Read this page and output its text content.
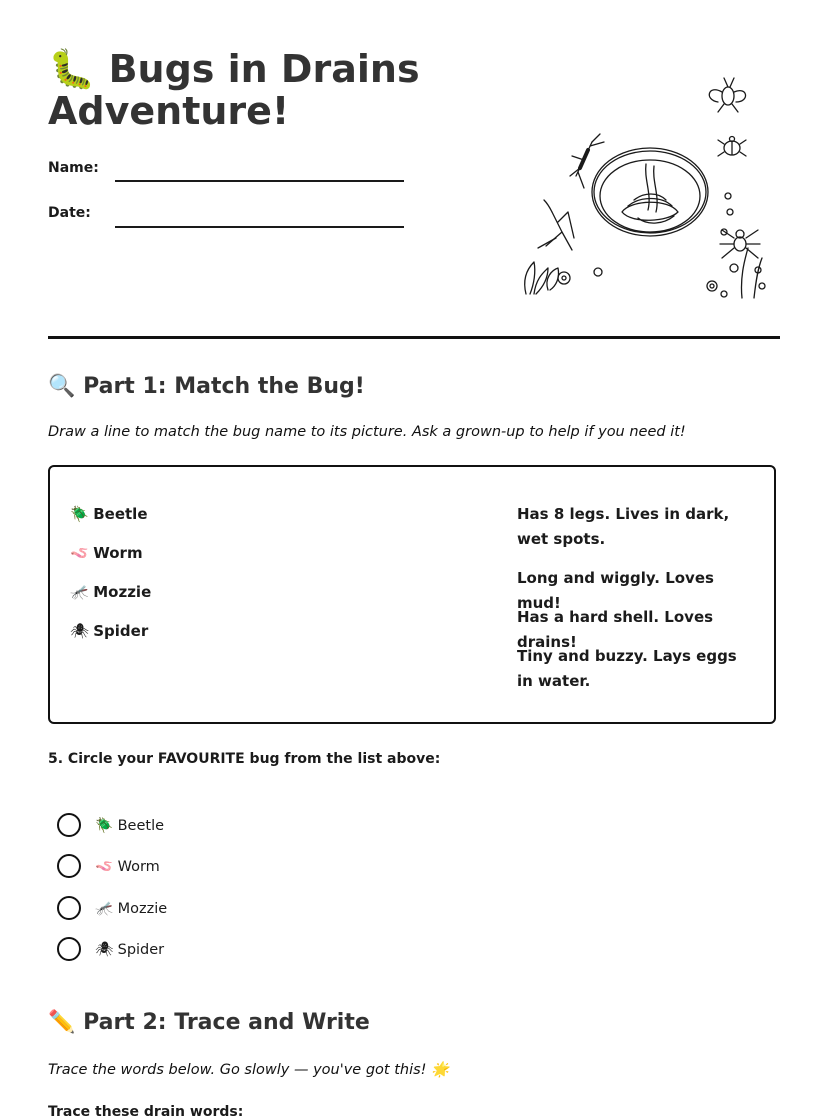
🐛 Bugs in Drains
Adventure!
Name:
Date:
🔍 Part 1: Match the Bug!
Draw a line to match the bug name to its picture. Ask a grown-up to help if you need it!
🪲 Beetle
🪱 Worm
🦟 Mozzie
🕷 Spider
Has 8 legs. Lives in dark, wet spots.
Long and wiggly. Loves mud!
Has a hard shell. Loves drains!
Tiny and buzzy. Lays eggs in water.
5. Circle your FAVOURITE bug from the list above:
🪲 Beetle
🪱 Worm
🦟 Mozzie
🕷 Spider
✏️ Part 2: Trace and Write
Trace the words below. Go slowly — you've got this! 🌟
Trace these drain words:
